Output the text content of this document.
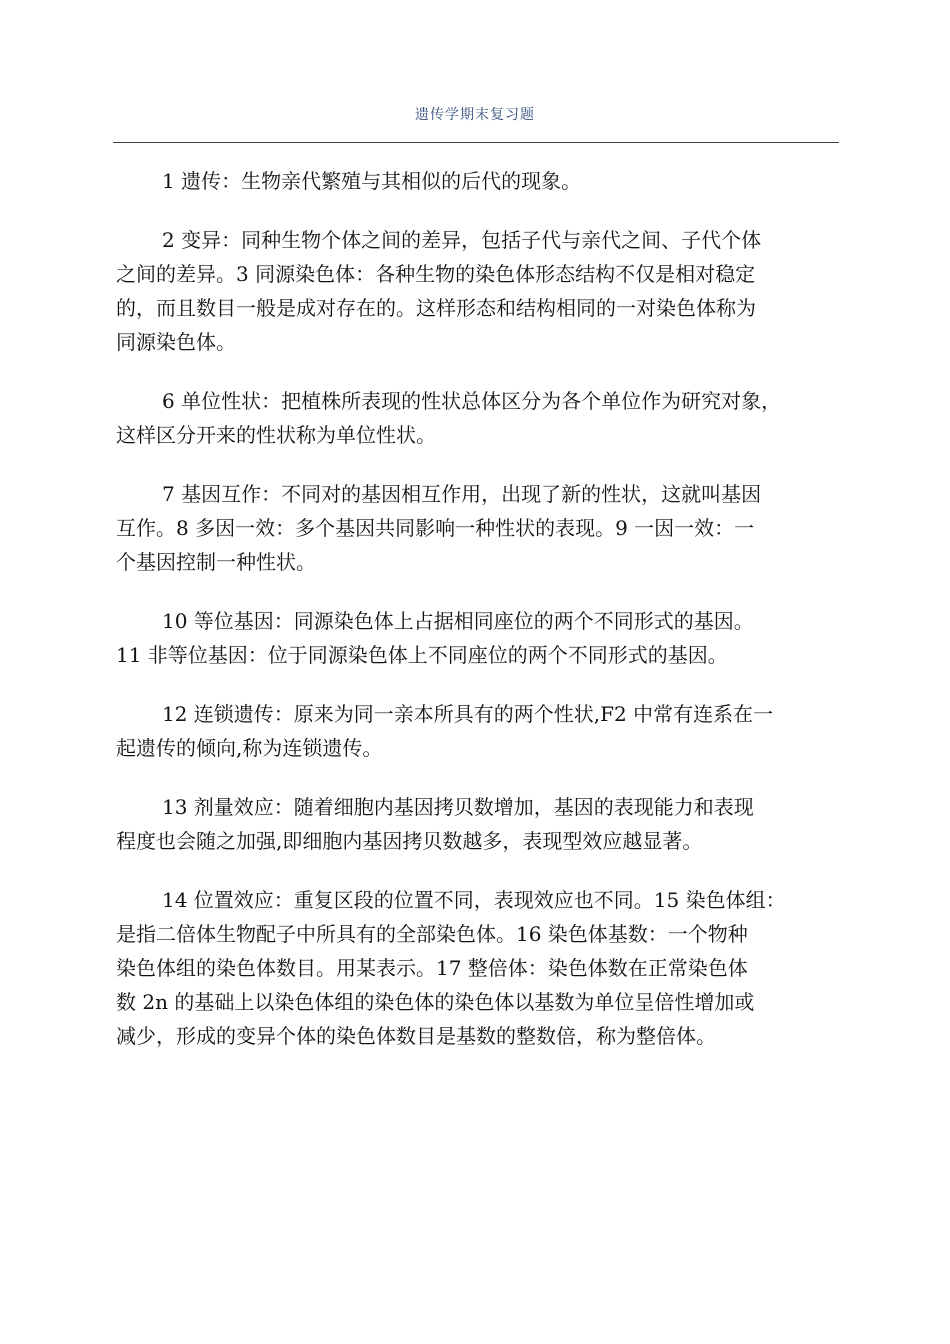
遗传学期末复习题
1 遗传：生物亲代繁殖与其相似的后代的现象。
2 变异：同种生物个体之间的差异，包括子代与亲代之间、子代个体
之间的差异。3 同源染色体：各种生物的染色体形态结构不仅是相对稳定
的，而且数目一般是成对存在的。这样形态和结构相同的一对染色体称为
同源染色体。
6 单位性状：把植株所表现的性状总体区分为各个单位作为研究对象，
这样区分开来的性状称为单位性状。
7 基因互作：不同对的基因相互作用，出现了新的性状，这就叫基因
互作。8 多因一效：多个基因共同影响一种性状的表现。9 一因一效：一
个基因控制一种性状。
10 等位基因：同源染色体上占据相同座位的两个不同形式的基因。
11 非等位基因：位于同源染色体上不同座位的两个不同形式的基因。
12 连锁遗传：原来为同一亲本所具有的两个性状,F2 中常有连系在一
起遗传的倾向,称为连锁遗传。
13 剂量效应：随着细胞内基因拷贝数增加，基因的表现能力和表现
程度也会随之加强,即细胞内基因拷贝数越多，表现型效应越显著。
14 位置效应：重复区段的位置不同，表现效应也不同。15 染色体组：
是指二倍体生物配子中所具有的全部染色体。16 染色体基数：一个物种
染色体组的染色体数目。用某表示。17 整倍体：染色体数在正常染色体
数 2n 的基础上以染色体组的染色体的染色体以基数为单位呈倍性增加或
减少，形成的变异个体的染色体数目是基数的整数倍，称为整倍体。
